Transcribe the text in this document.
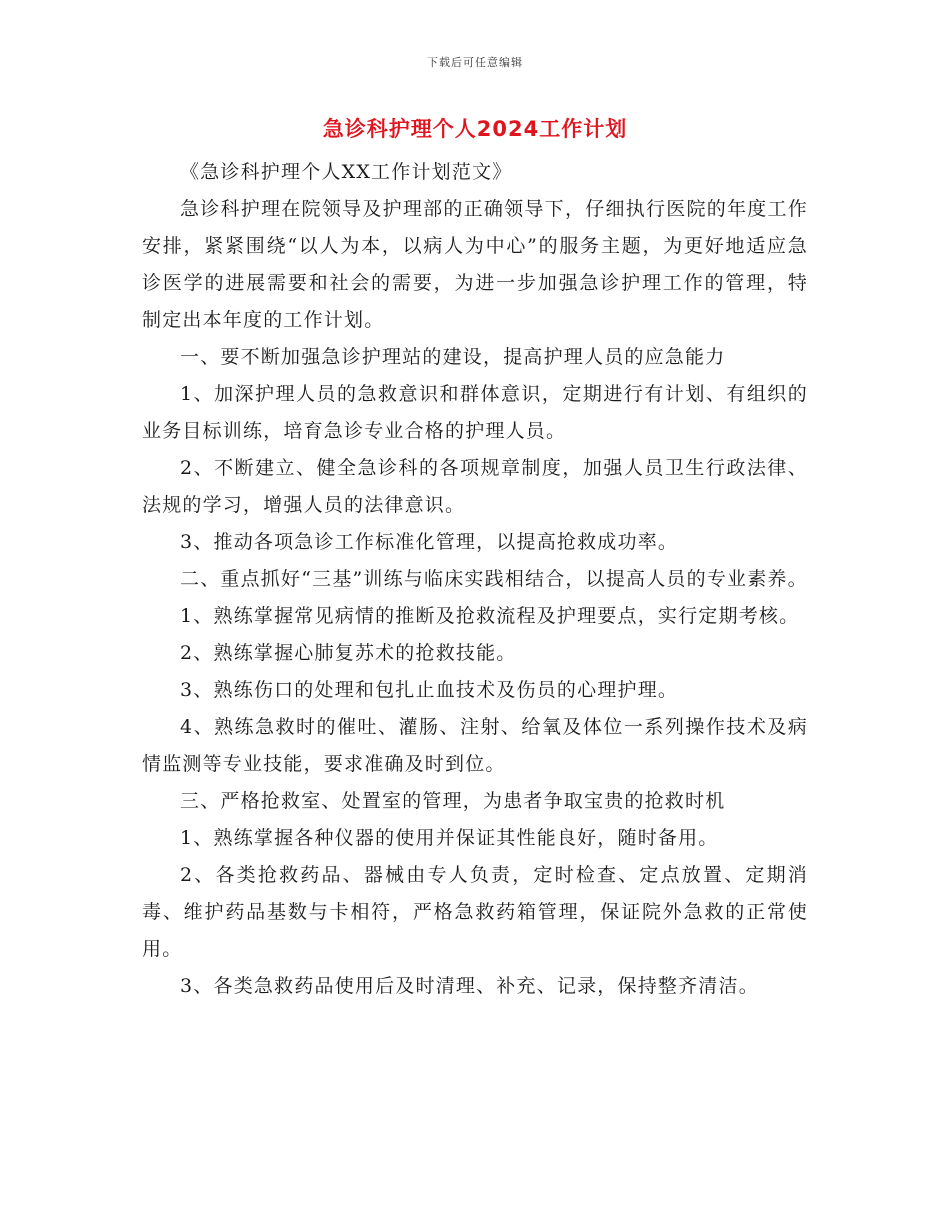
下载后可任意编辑
急诊科护理个人2024工作计划

《急诊科护理个人XX工作计划范文》

急诊科护理在院领导及护理部的正确领导下，仔细执行医院的年度工作安排，紧紧围绕“以人为本，以病人为中心”的服务主题，为更好地适应急诊医学的进展需要和社会的需要，为进一步加强急诊护理工作的管理，特制定出本年度的工作计划。

一、要不断加强急诊护理站的建设，提高护理人员的应急能力

1、加深护理人员的急救意识和群体意识，定期进行有计划、有组织的业务目标训练，培育急诊专业合格的护理人员。

2、不断建立、健全急诊科的各项规章制度，加强人员卫生行政法律、法规的学习，增强人员的法律意识。

3、推动各项急诊工作标准化管理，以提高抢救成功率。

二、重点抓好“三基”训练与临床实践相结合，以提高人员的专业素养。

1、熟练掌握常见病情的推断及抢救流程及护理要点，实行定期考核。

2、熟练掌握心肺复苏术的抢救技能。

3、熟练伤口的处理和包扎止血技术及伤员的心理护理。

4、熟练急救时的催吐、灌肠、注射、给氧及体位一系列操作技术及病情监测等专业技能，要求准确及时到位。

三、严格抢救室、处置室的管理，为患者争取宝贵的抢救时机

1、熟练掌握各种仪器的使用并保证其性能良好，随时备用。

2、各类抢救药品、器械由专人负责，定时检查、定点放置、定期消毒、维护药品基数与卡相符，严格急救药箱管理，保证院外急救的正常使用。

3、各类急救药品使用后及时清理、补充、记录，保持整齐清洁。
